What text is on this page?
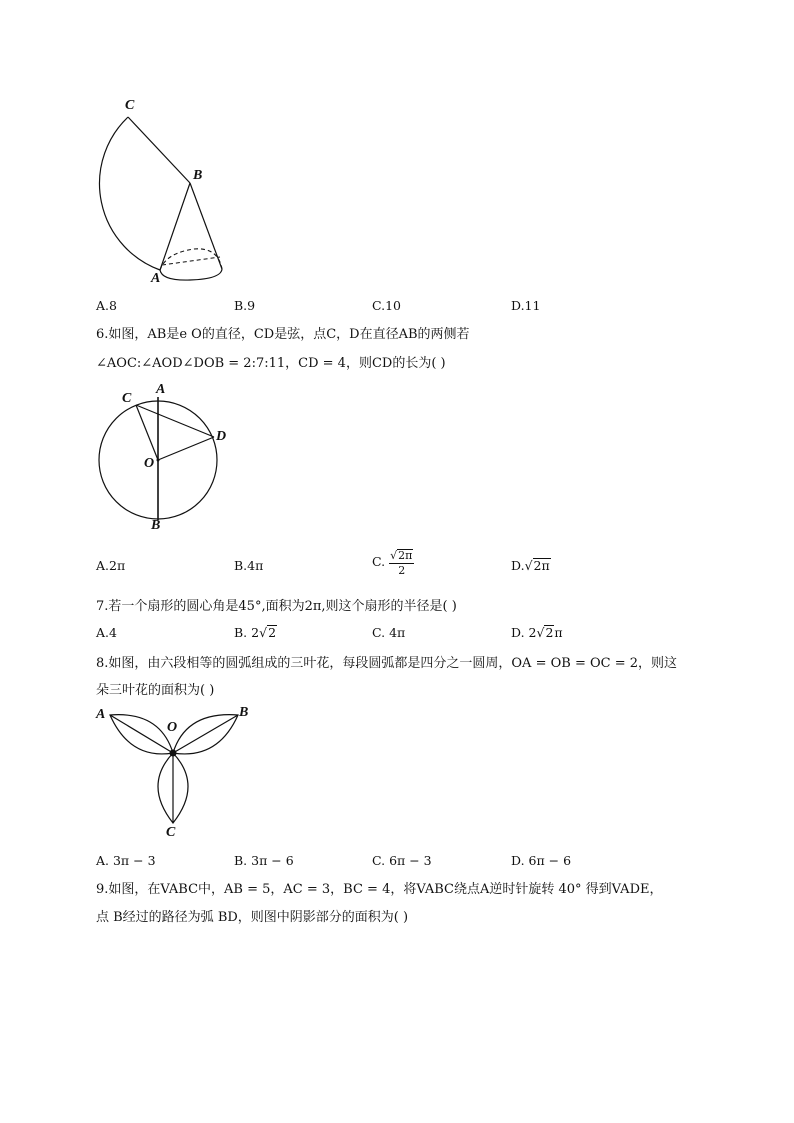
C
B
A
A.8	B.9	C.10	D.11
6.如图，AB是e O的直径，CD是弦，点C，D在直径AB的两侧若
∠AOC:∠AOD∠DOB = 2:7:11，CD = 4，则CD的长为( )
A
C
D
O
B
A.2π	B.4π	C. $\frac{√2\pi}{2}$	D.√2π
7.若一个扇形的圆心角是45°,面积为2π,则这个扇形的半径是( )
A.4	B. 2√2	C. 4π	D. 2√2π
8.如图，由六段相等的圆弧组成的三叶花，每段圆弧都是四分之一圆周，OA = OB = OC = 2，则这
朵三叶花的面积为( )
A
O
B
C
A. 3π − 3	B. 3π − 6	C. 6π − 3	D. 6π − 6
9.如图，在VABC中，AB = 5，AC = 3，BC = 4，将VABC绕点A逆时针旋转 40° 得到VADE，
点 B经过的路径为弧 BD，则图中阴影部分的面积为( )
